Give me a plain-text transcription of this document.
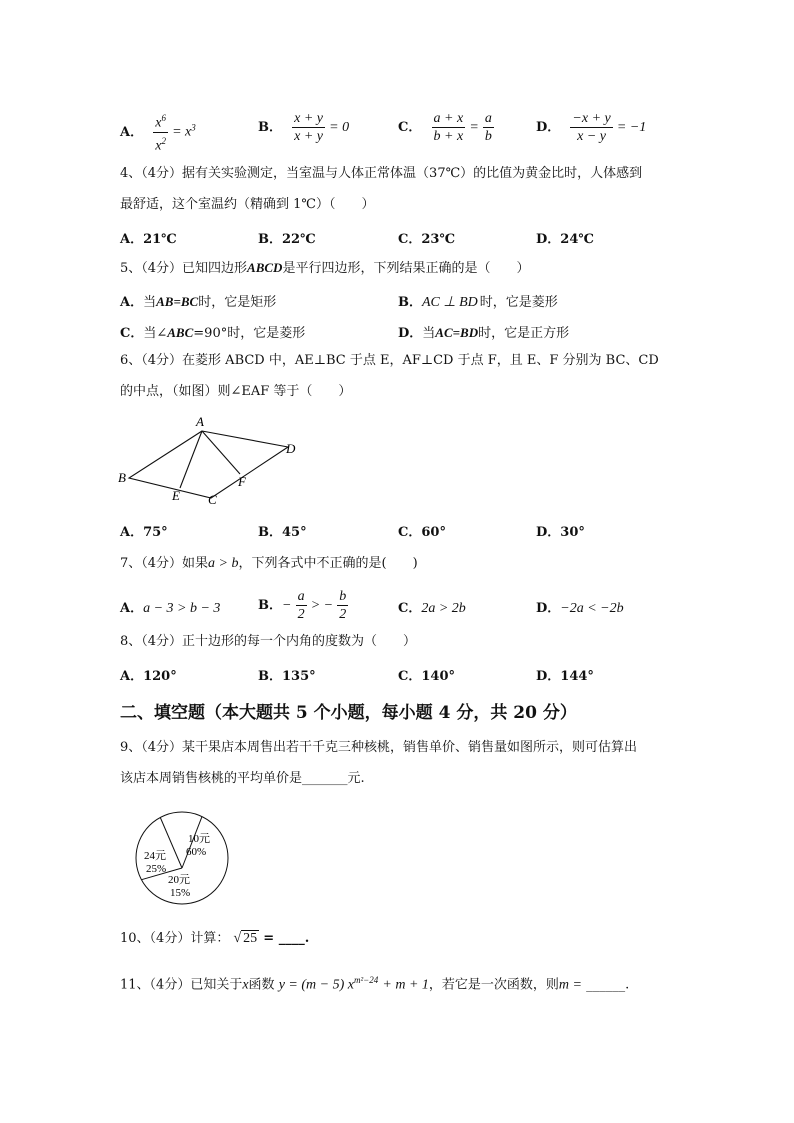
A． $\frac{x^6}{x^2} = x^3$	B． $\frac{x + y}{x + y} = 0$	C． $\frac{a + x}{b + x} = \frac{a}{b}$	D． $\frac{-x + y}{x - y} = -1$
4、（4分）据有关实验测定，当室温与人体正常体温（37℃）的比值为黄金比时，人体感到
最舒适，这个室温约（精确到 1℃）（　　）
A．21℃	B．22℃	C．23℃	D．24℃
5、（4分）已知四边形ABCD是平行四边形，下列结果正确的是（　　）
A．当AB=BC时，它是矩形	B．AC ⊥ BD 时，它是菱形
C．当∠ABC=90°时，它是菱形	D．当AC=BD时，它是正方形
6、（4分）在菱形 ABCD 中，AE⊥BC 于点 E，AF⊥CD 于点 F，且 E、F 分别为 BC、CD
的中点，（如图）则∠EAF 等于（　　）
A
D
B
E C
F
A．75°	B．45°	C．60°	D．30°
7、（4分）如果a > b，下列各式中不正确的是(　　)
A．a − 3 > b − 3	B．− $\frac{a}{2}$ > − $\frac{b}{2}$	C．2a > 2b	D．−2a < −2b
8、（4分）正十边形的每一个内角的度数为（　　）
A．120°	B．135°	C．140°	D．144°
二、填空题（本大题共 5 个小题，每小题 4 分，共 20 分）
9、（4分）某干果店本周售出若干千克三种核桃，销售单价、销售量如图所示，则可估算出
该店本周销售核桃的平均单价是_______元.
10元
60%
24元
25%
20元
15%
10、（4分）计算： √ 25 = ____.
11、（4分）已知关于x函数 y = (m − 5) $x^{m^2-24} + m + 1$，若它是一次函数，则m = ______.
